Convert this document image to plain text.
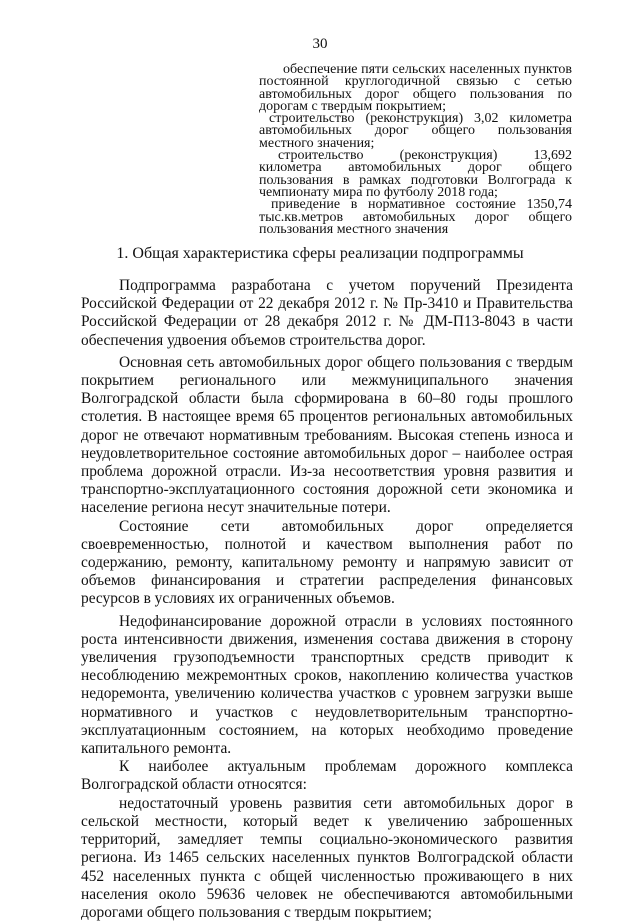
30

обеспечение пяти сельских населенных пунктов постоянной круглогодичной связью с сетью автомобильных дорог общего пользования по дорогам с твердым покрытием;

строительство (реконструкция) 3,02 километра автомобильных дорог общего пользования местного значения;

строительство (реконструкция) 13,692 километра автомобильных дорог общего пользования в рамках подготовки Волгограда к чемпионату мира по футболу 2018 года;

приведение в нормативное состояние 1350,74 тыс.кв.метров автомобильных дорог общего пользования местного значения

1. Общая характеристика сферы реализации подпрограммы

Подпрограмма разработана с учетом поручений Президента Российской Федерации от 22 декабря 2012 г. № Пр-3410 и Правительства Российской Федерации от 28 декабря 2012 г. № ДМ-П13-8043 в части обеспечения удвоения объемов строительства дорог.

Основная сеть автомобильных дорог общего пользования с твердым покрытием регионального или межмуниципального значения Волгоградской области была сформирована в 60–80 годы прошлого столетия. В настоящее время 65 процентов региональных автомобильных дорог не отвечают нормативным требованиям. Высокая степень износа и неудовлетворительное состояние автомобильных дорог – наиболее острая проблема дорожной отрасли. Из-за несоответствия уровня развития и транспортно-эксплуатационного состояния дорожной сети экономика и население региона несут значительные потери.

Состояние сети автомобильных дорог определяется своевременностью, полнотой и качеством выполнения работ по содержанию, ремонту, капитальному ремонту и напрямую зависит от объемов финансирования и стратегии распределения финансовых ресурсов в условиях их ограниченных объемов.

Недофинансирование дорожной отрасли в условиях постоянного роста интенсивности движения, изменения состава движения в сторону увеличения грузоподъемности транспортных средств приводит к несоблюдению межремонтных сроков, накоплению количества участков недоремонта, увеличению количества участков с уровнем загрузки выше нормативного и участков с неудовлетворительным транспортно-эксплуатационным состоянием, на которых необходимо проведение капитального ремонта.

К наиболее актуальным проблемам дорожного комплекса Волгоградской области относятся:

недостаточный уровень развития сети автомобильных дорог в сельской местности, который ведет к увеличению заброшенных территорий, замедляет темпы социально-экономического развития региона. Из 1465 сельских населенных пунктов Волгоградской области 452 населенных пункта с общей численностью проживающего в них населения около 59636 человек не обеспечиваются автомобильными дорогами общего пользования с твердым покрытием;
